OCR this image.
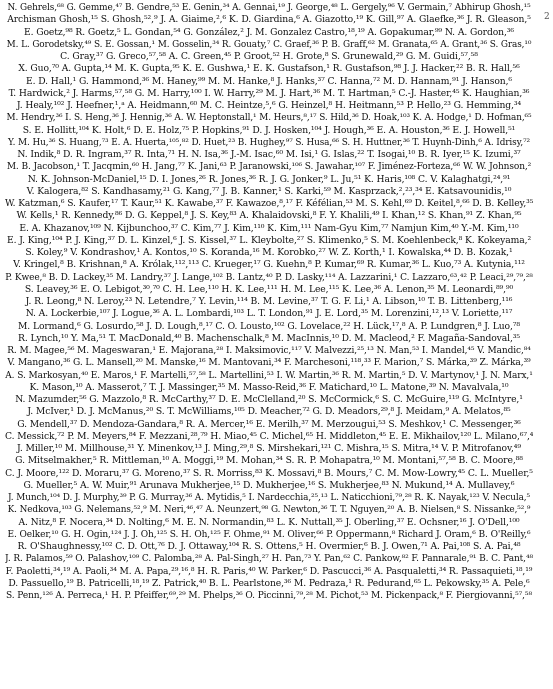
N. Gehrels,⁶⁸ G. Gemme,⁴⁷ B. Gendre,⁵³ E. Genin,³⁴ A. Gennai,¹⁹ J. George,⁴⁸ L. Gergely,⁹⁶ V. Germain,⁷ Abhirup Ghosh,¹⁵
Archisman Ghosh,¹⁵ S. Ghosh,⁵²,⁹ J. A. Giaime,²,⁶ K. D. Giardina,⁶ A. Giazotto,¹⁹ K. Gill,⁹⁷ A. Glaefke,³⁶ J. R. Gleason,⁵
E. Goetz,⁹⁸ R. Goetz,⁵ L. Gondan,⁵⁴ G. González,² J. M. Gonzalez Castro,¹⁸,¹⁹ A. Gopakumar,⁹⁹ N. A. Gordon,³⁶
M. L. Gorodetsky,⁴⁹ S. E. Gossan,¹ M. Gosselin,³⁴ R. Gouaty,⁷ C. Graef,³⁶ P. B. Graff,⁶² M. Granata,⁶⁵ A. Grant,³⁶ S. Gras,¹⁰
C. Gray,³⁷ G. Greco,⁵⁷,⁵⁸ A. C. Green,⁴⁵ P. Groot,⁵² H. Grote,⁸ S. Grunewald,²⁹ G. M. Guidi,⁵⁷,⁵⁸
X. Guo,⁷⁰ A. Gupta,¹⁴ M. K. Gupta,⁹⁵ K. E. Gushwa,¹ E. K. Gustafson,¹ R. Gustafson,⁹⁸ J. J. Hacker,²² B. R. Hall,⁵⁶
E. D. Hall,¹ G. Hammond,³⁶ M. Haney,⁹⁹ M. M. Hanke,⁸ J. Hanks,³⁷ C. Hanna,⁷² M. D. Hannam,⁹¹ J. Hanson,⁶
T. Hardwick,² J. Harms,⁵⁷,⁵⁸ G. M. Harry,¹⁰⁰ I. W. Harry,²⁹ M. J. Hart,³⁶ M. T. Hartman,⁵ C.-J. Haster,⁴⁵ K. Haughian,³⁶
J. Healy,¹⁰² J. Heefner,¹,ᵃ A. Heidmann,⁶⁰ M. C. Heintze,⁵,⁶ G. Heinzel,⁸ H. Heitmann,⁵³ P. Hello,²³ G. Hemming,³⁴
M. Hendry,³⁶ I. S. Heng,³⁶ J. Hennig,³⁶ A. W. Heptonstall,¹ M. Heurs,⁸,¹⁷ S. Hild,³⁶ D. Hoak,¹⁰³ K. A. Hodge,¹ D. Hofman,⁶⁵
S. E. Hollitt,¹⁰⁴ K. Holt,⁶ D. E. Holz,⁷⁵ P. Hopkins,⁹¹ D. J. Hosken,¹⁰⁴ J. Hough,³⁶ E. A. Houston,³⁶ E. J. Howell,⁵¹
Y. M. Hu,³⁶ S. Huang,⁷³ E. A. Huerta,¹⁰⁵,⁸² D. Huet,²³ B. Hughey,⁹⁷ S. Husa,⁶⁶ S. H. Huttner,³⁶ T. Huynh-Dinh,⁶ A. Idrisy,⁷²
N. Indik,⁸ D. R. Ingram,³⁷ R. Inta,⁷¹ H. N. Isa,³⁶ J.-M. Isac,⁶⁰ M. Isi,¹ G. Islas,²² T. Isogai,¹⁰ B. R. Iyer,¹⁵ K. Izumi,³⁷
M. B. Jacobson,¹ T. Jacqmin,⁶⁰ H. Jang,⁷⁷ K. Jani,⁶³ P. Jaranowski,¹⁰⁶ S. Jawahar,¹⁰⁷ F. Jiménez-Forteza,⁶⁶ W. W. Johnson,²
N. K. Johnson-McDaniel,¹⁵ D. I. Jones,²⁶ R. Jones,³⁶ R. J. G. Jonker,⁹ L. Ju,⁵¹ K. Haris,¹⁰⁸ C. V. Kalaghatgi,²⁴,⁹¹
V. Kalogera,⁸² S. Kandhasamy,²¹ G. Kang,⁷⁷ J. B. Kanner,¹ S. Karki,⁵⁹ M. Kasprzack,²,²³,³⁴ E. Katsavounidis,¹⁰
W. Katzman,⁶ S. Kaufer,¹⁷ T. Kaur,⁵¹ K. Kawabe,³⁷ F. Kawazoe,⁸,¹⁷ F. Kéfélian,⁵³ M. S. Kehl,⁶⁹ D. Keitel,⁸,⁶⁶ D. B. Kelley,³⁵
W. Kells,¹ R. Kennedy,⁸⁶ D. G. Keppel,⁸ J. S. Key,⁸³ A. Khalaidovski,⁸ F. Y. Khalili,⁴⁹ I. Khan,¹² S. Khan,⁹¹ Z. Khan,⁹⁵
E. A. Khazanov,¹⁰⁹ N. Kijbunchoo,³⁷ C. Kim,⁷⁷ J. Kim,¹¹⁰ K. Kim,¹¹¹ Nam-Gyu Kim,⁷⁷ Namjun Kim,⁴⁰ Y.-M. Kim,¹¹⁰
E. J. King,¹⁰⁴ P. J. King,³⁷ D. L. Kinzel,⁶ J. S. Kissel,³⁷ L. Kleybolte,²⁷ S. Klimenko,⁵ S. M. Koehlenbeck,⁸ K. Kokeyama,²
S. Koley,⁹ V. Kondrashov,¹ A. Kontos,¹⁰ S. Koranda,¹⁶ M. Korobko,²⁷ W. Z. Korth,¹ I. Kowalska,⁴⁴ D. B. Kozak,¹
V. Kringel,⁸ B. Krishnan,⁸ A. Królak,¹¹²,¹¹³ C. Krueger,¹⁷ G. Kuehn,⁸ P. Kumar,⁶⁹ R. Kumar,³⁶ L. Kuo,⁷³ A. Kutynia,¹¹²
P. Kwee,⁸ B. D. Lackey,³⁵ M. Landry,³⁷ J. Lange,¹⁰² B. Lantz,⁴⁰ P. D. Lasky,¹¹⁴ A. Lazzarini,¹ C. Lazzaro,⁶³,⁴² P. Leaci,²⁹,⁷⁹,²⁸
S. Leavey,³⁶ E. O. Lebigot,³⁰,⁷⁰ C. H. Lee,¹¹⁰ H. K. Lee,¹¹¹ H. M. Lee,¹¹⁵ K. Lee,³⁶ A. Lenon,³⁵ M. Leonardi,⁸⁹,⁹⁰
J. R. Leong,⁸ N. Leroy,²³ N. Letendre,⁷ Y. Levin,¹¹⁴ B. M. Levine,³⁷ T. G. F. Li,¹ A. Libson,¹⁰ T. B. Littenberg,¹¹⁶
N. A. Lockerbie,¹⁰⁷ J. Logue,³⁶ A. L. Lombardi,¹⁰³ L. T. London,⁹¹ J. E. Lord,³⁵ M. Lorenzini,¹²,¹³ V. Loriette,¹¹⁷
M. Lormand,⁶ G. Losurdo,⁵⁸ J. D. Lough,⁸,¹⁷ C. O. Lousto,¹⁰² G. Lovelace,²² H. Lück,¹⁷,⁸ A. P. Lundgren,⁸ J. Luo,⁷⁸
R. Lynch,¹⁰ Y. Ma,⁵¹ T. MacDonald,⁴⁰ B. Machenschalk,⁸ M. MacInnis,¹⁰ D. M. Macleod,² F. Magaña-Sandoval,³⁵
R. M. Magee,⁵⁶ M. Mageswaran,¹ E. Majorana,²⁸ I. Maksimovic,¹¹⁷ V. Malvezzi,²⁵,¹³ N. Man,⁵³ I. Mandel,⁴⁵ V. Mandic,⁸⁴
V. Mangano,³⁶ G. L. Mansell,²⁰ M. Manske,¹⁶ M. Mantovani,³⁴ F. Marchesoni,¹¹⁸,³³ F. Marion,⁷ S. Márka,³⁹ Z. Márka,³⁹
A. S. Markosyan,⁴⁰ E. Maros,¹ F. Martelli,⁵⁷,⁵⁸ L. Martellini,⁵³ I. W. Martin,³⁶ R. M. Martin,⁵ D. V. Martynov,¹ J. N. Marx,¹
K. Mason,¹⁰ A. Masserot,⁷ T. J. Massinger,³⁵ M. Masso-Reid,³⁶ F. Matichard,¹⁰ L. Matone,³⁹ N. Mavalvala,¹⁰
N. Mazumder,⁵⁶ G. Mazzolo,⁸ R. McCarthy,³⁷ D. E. McClelland,²⁰ S. McCormick,⁶ S. C. McGuire,¹¹⁹ G. McIntyre,¹
J. McIver,¹ D. J. McManus,²⁰ S. T. McWilliams,¹⁰⁵ D. Meacher,⁷² G. D. Meadors,²⁹,⁸ J. Meidam,⁹ A. Melatos,⁸⁵
G. Mendell,³⁷ D. Mendoza-Gandara,⁸ R. A. Mercer,¹⁶ E. Merilh,³⁷ M. Merzougui,⁵³ S. Meshkov,¹ C. Messenger,³⁶
C. Messick,⁷² P. M. Meyers,⁸⁴ F. Mezzani,²⁸,⁷⁹ H. Miao,⁴⁵ C. Michel,⁶⁵ H. Middleton,⁴⁵ E. E. Mikhailov,¹²⁰ L. Milano,⁶⁷,⁴
J. Miller,¹⁰ M. Millhouse,³¹ Y. Minenkov,¹³ J. Ming,²⁹,⁸ S. Mirshekari,¹²¹ C. Mishra,¹⁵ S. Mitra,¹⁴ V. P. Mitrofanov,⁴⁹
G. Mitselmakher,⁵ R. Mittleman,¹⁰ A. Moggi,¹⁹ M. Mohan,³⁴ S. R. P. Mohapatra,¹⁰ M. Montani,⁵⁷,⁵⁸ B. C. Moore,⁸⁸
C. J. Moore,¹²² D. Moraru,³⁷ G. Moreno,³⁷ S. R. Morriss,⁸³ K. Mossavi,⁸ B. Mours,⁷ C. M. Mow-Lowry,⁴⁵ C. L. Mueller,⁵
G. Mueller,⁵ A. W. Muir,⁹¹ Arunava Mukherjee,¹⁵ D. Mukherjee,¹⁶ S. Mukherjee,⁸³ N. Mukund,¹⁴ A. Mullavey,⁶
J. Munch,¹⁰⁴ D. J. Murphy,³⁹ P. G. Murray,³⁶ A. Mytidis,⁵ I. Nardecchia,²⁵,¹³ L. Naticchioni,⁷⁹,²⁸ R. K. Nayak,¹²³ V. Necula,⁵
K. Nedkova,¹⁰³ G. Nelemans,⁵²,⁹ M. Neri,⁴⁶,⁴⁷ A. Neunzert,⁹⁸ G. Newton,³⁶ T. T. Nguyen,²⁰ A. B. Nielsen,⁸ S. Nissanke,⁵²,⁹
A. Nitz,⁸ F. Nocera,³⁴ D. Nolting,⁶ M. E. N. Normandin,⁸³ L. K. Nuttall,³⁵ J. Oberling,³⁷ E. Ochsner,¹⁶ J. O'Dell,¹⁰⁰
E. Oelker,¹⁰ G. H. Ogin,¹²⁴ J. J. Oh,¹²⁵ S. H. Oh,¹²⁵ F. Ohme,⁹¹ M. Oliver,⁶⁶ P. Oppermann,⁸ Richard J. Oram,⁶ B. O'Reilly,⁶
R. O'Shaughnessy,¹⁰² C. D. Ott,⁷⁶ D. J. Ottaway,¹⁰⁴ R. S. Ottens,⁵ H. Overmier,⁶ B. J. Owen,⁷¹ A. Pai,¹⁰⁸ S. A. Pai,⁴⁸
J. R. Palamos,⁵⁹ O. Palashov,¹⁰⁹ C. Palomba,²⁸ A. Pal-Singh,²⁷ H. Pan,⁷³ Y. Pan,⁶² C. Pankow,⁸² F. Pannarale,⁹¹ B. C. Pant,⁴⁸
F. Paoletti,³⁴,¹⁹ A. Paoli,³⁴ M. A. Papa,²⁹,¹⁶,⁸ H. R. Paris,⁴⁰ W. Parker,⁶ D. Pascucci,³⁶ A. Pasqualetti,³⁴ R. Passaquieti,¹⁸,¹⁹
D. Passuello,¹⁹ B. Patricelli,¹⁸,¹⁹ Z. Patrick,⁴⁰ B. L. Pearlstone,³⁶ M. Pedraza,¹ R. Pedurand,⁶⁵ L. Pekowsky,³⁵ A. Pele,⁶
S. Penn,¹²⁶ A. Perreca,¹ H. P. Pfeiffer,⁶⁹,²⁹ M. Phelps,³⁶ O. Piccinni,⁷⁹,²⁸ M. Pichot,⁵³ M. Pickenpack,⁸ F. Piergiovanni,⁵⁷,⁵⁸
2
